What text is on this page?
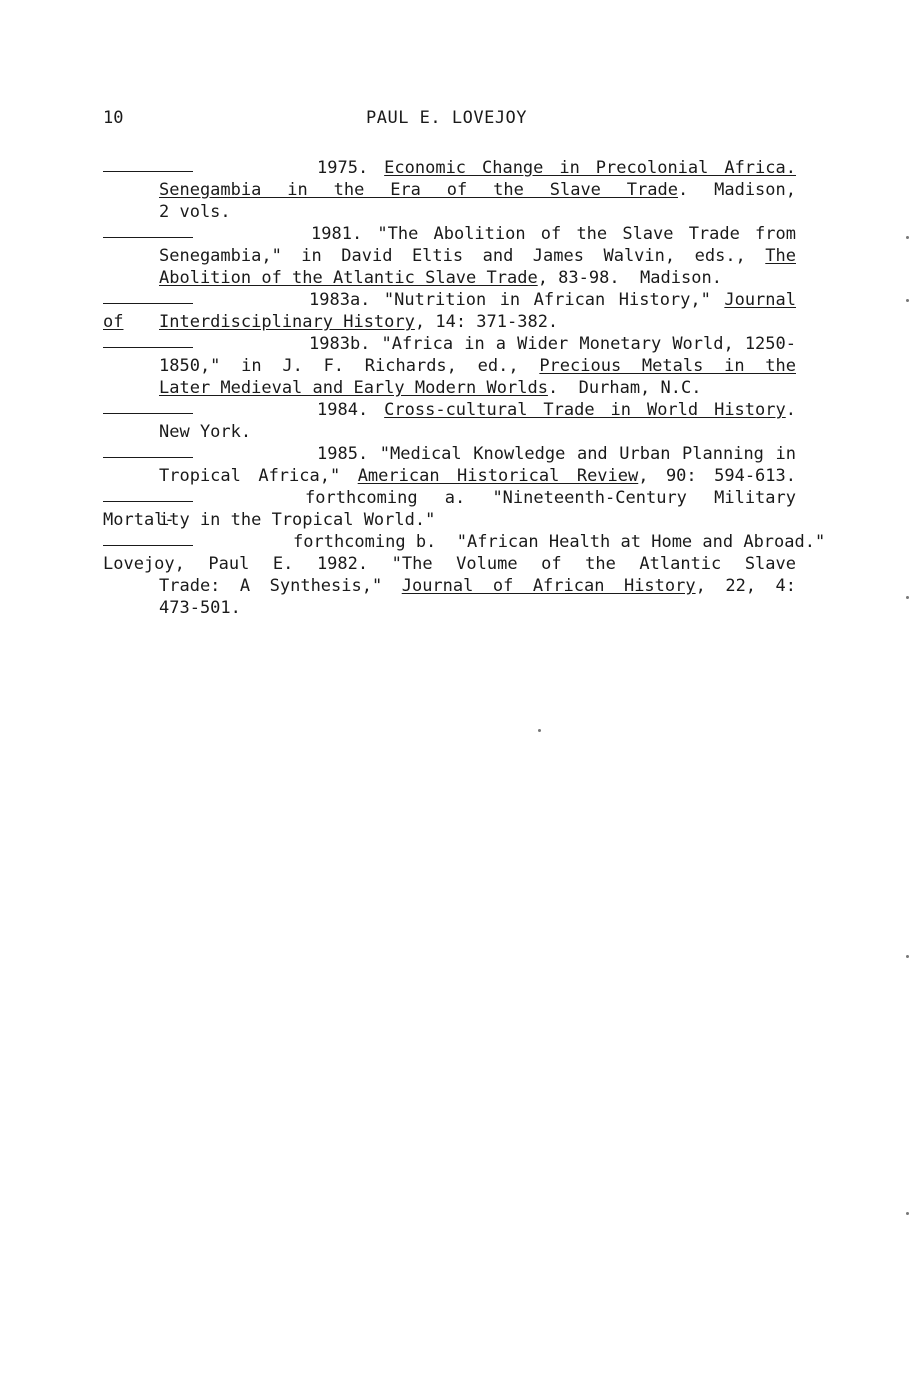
10	PAUL E. LOVEJOY
1975. Economic Change in Precolonial Africa.
Senegambia in the Era of the Slave Trade. Madison,
2 vols.
1981. "The Abolition of the Slave Trade from
Senegambia," in David Eltis and James Walvin, eds., The
Abolition of the Atlantic Slave Trade, 83-98.  Madison.
1983a. "Nutrition in African History," Journal of	Interdisciplinary History, 14: 371-382.
1983b. "Africa in a Wider Monetary World, 1250-
1850," in J. F. Richards, ed., Precious Metals in the
Later Medieval and Early Modern Worlds.  Durham, N.C.
1984. Cross-cultural Trade in World History.
New York.
1985. "Medical Knowledge and Urban Planning in
Tropical Africa," American Historical Review, 90: 594-613.
forthcoming a. "Nineteenth-Century Military Mortal-
ity in the Tropical World."
forthcoming b.  "African Health at Home and Abroad."
Lovejoy, Paul E. 1982. "The Volume of the Atlantic Slave
Trade: A Synthesis," Journal of African History, 22, 4:
473-501.
